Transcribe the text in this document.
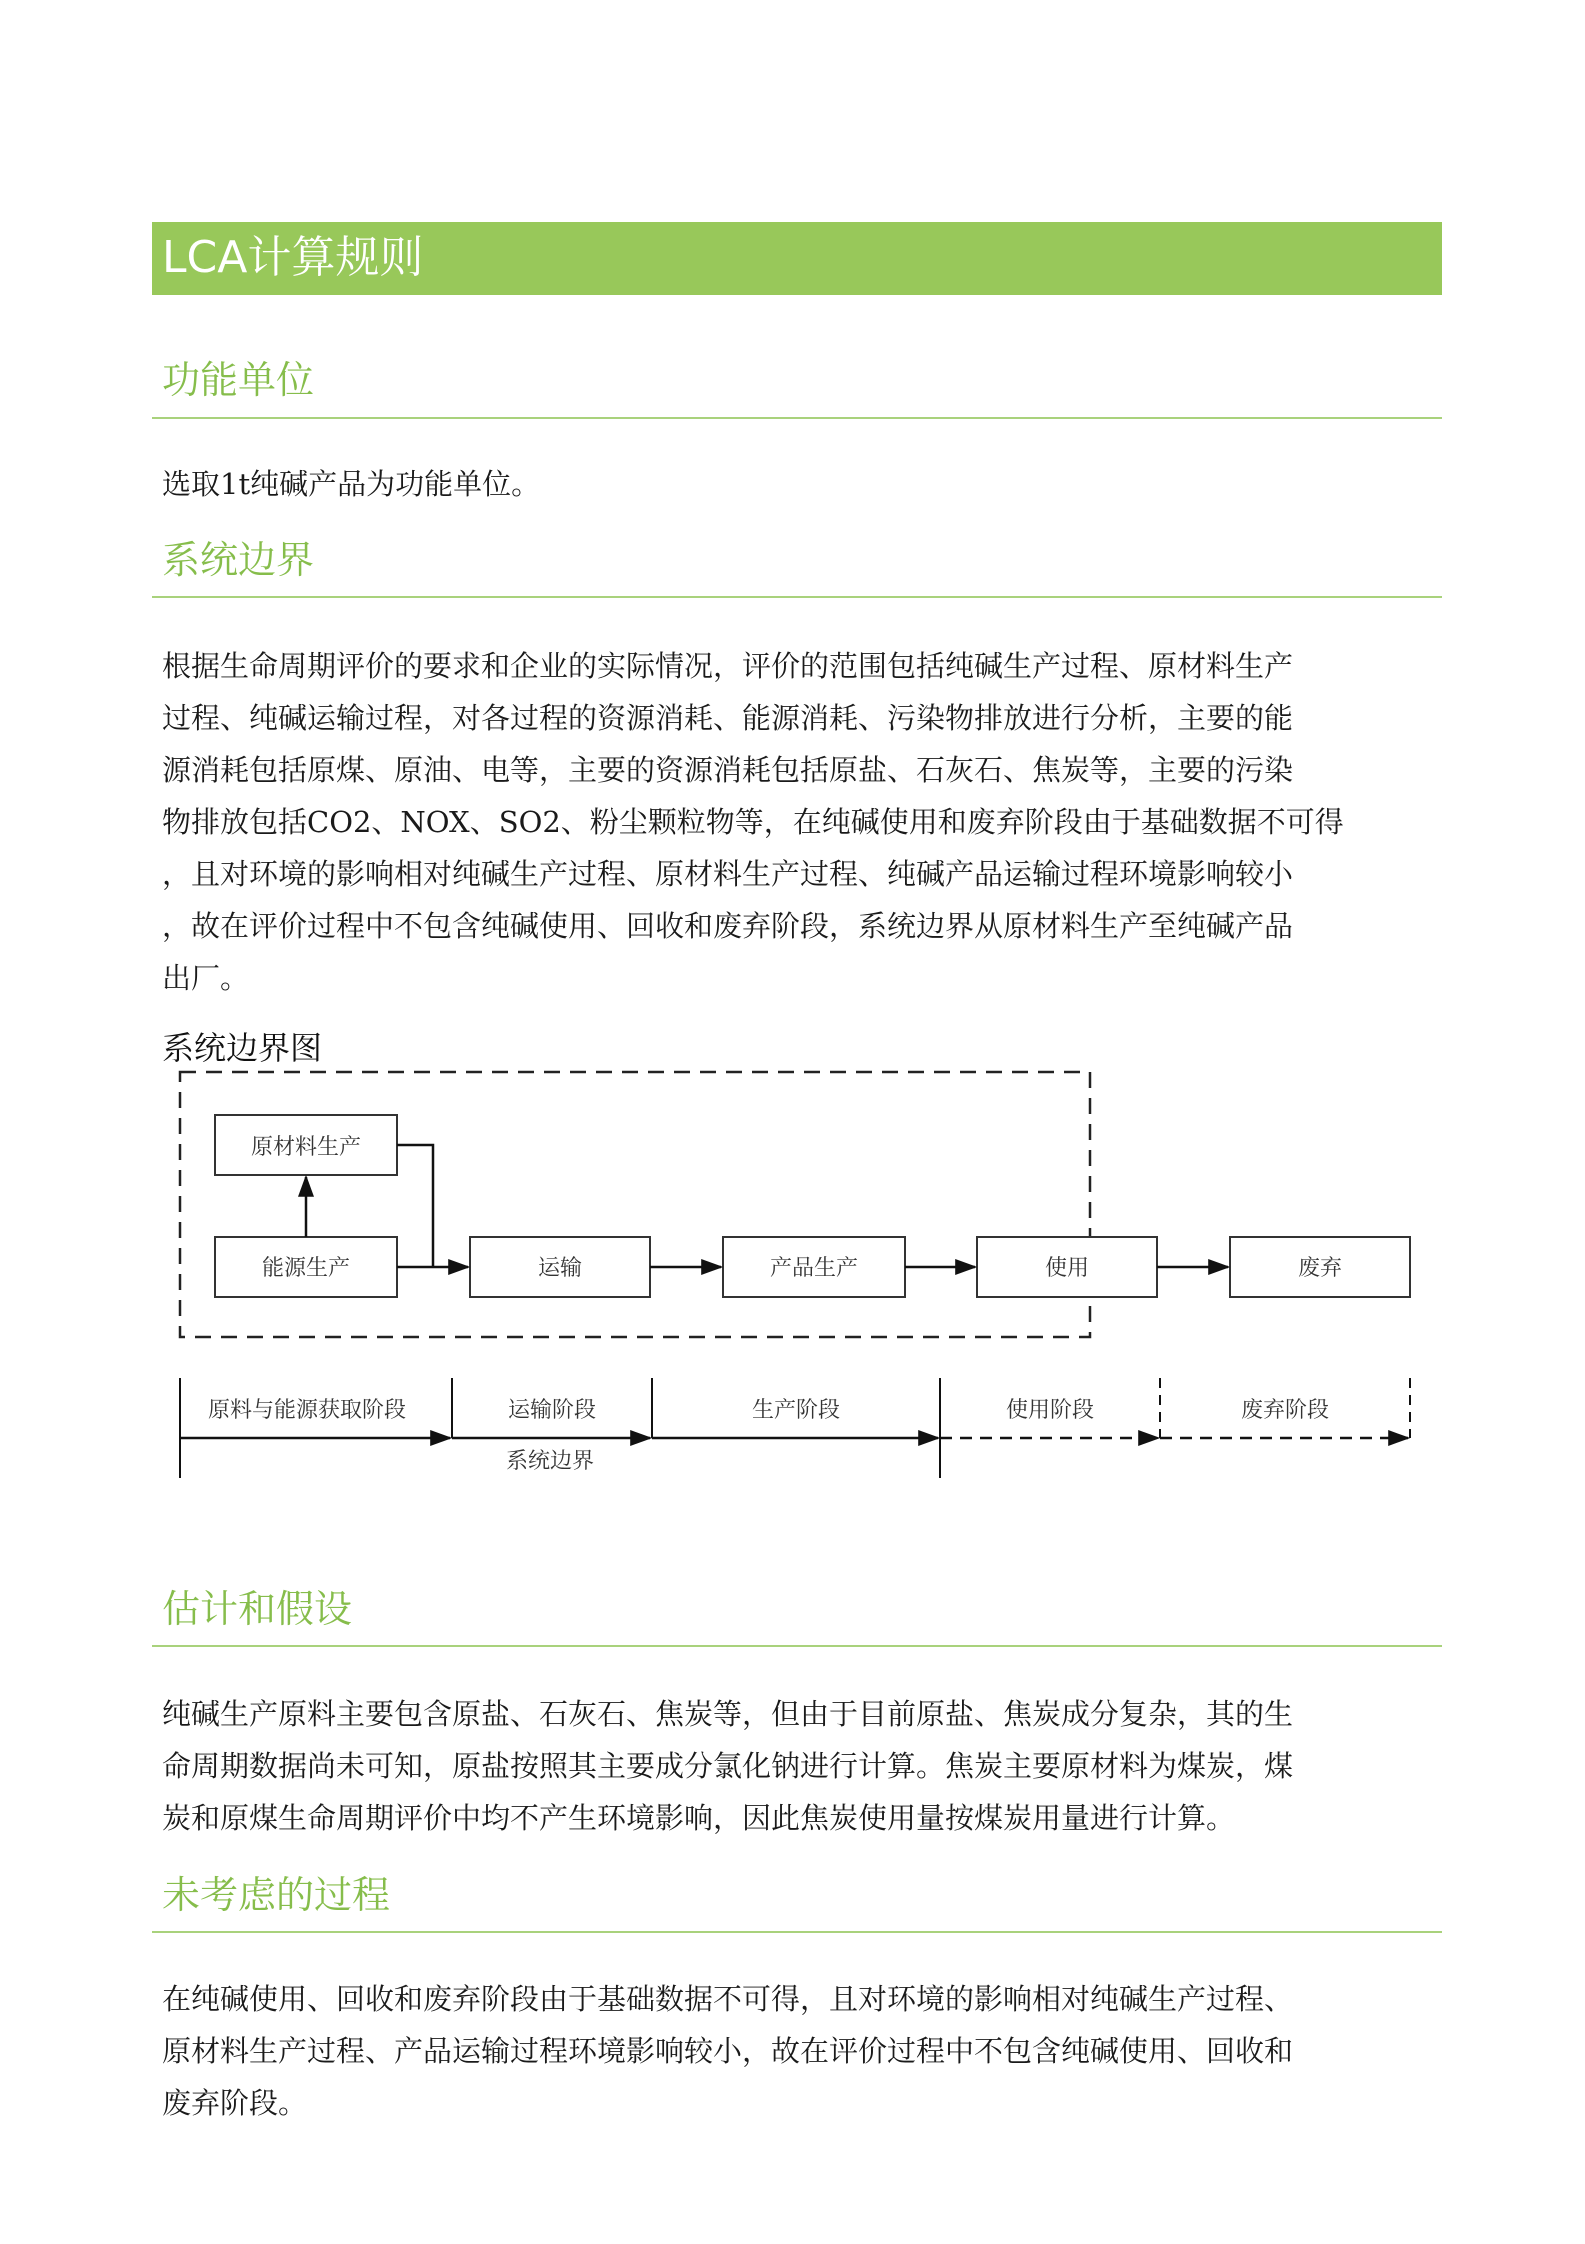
LCA计算规则
功能单位

选取1t纯碱产品为功能单位。

系统边界

根据生命周期评价的要求和企业的实际情况，评价的范围包括纯碱生产过程、原材料生产
过程、纯碱运输过程，对各过程的资源消耗、能源消耗、污染物排放进行分析，主要的能
源消耗包括原煤、原油、电等，主要的资源消耗包括原盐、石灰石、焦炭等，主要的污染
物排放包括CO2、NOX、SO2、粉尘颗粒物等，在纯碱使用和废弃阶段由于基础数据不可得
，且对环境的影响相对纯碱生产过程、原材料生产过程、纯碱产品运输过程环境影响较小
，故在评价过程中不包含纯碱使用、回收和废弃阶段，系统边界从原材料生产至纯碱产品
出厂。

系统边界图
原材料生产
能源生产	运输	产品生产	使用	废弃
原料与能源获取阶段	运输阶段	生产阶段	使用阶段	废弃阶段
系统边界
估计和假设

纯碱生产原料主要包含原盐、石灰石、焦炭等，但由于目前原盐、焦炭成分复杂，其的生
命周期数据尚未可知，原盐按照其主要成分氯化钠进行计算。焦炭主要原材料为煤炭，煤
炭和原煤生命周期评价中均不产生环境影响，因此焦炭使用量按煤炭用量进行计算。

未考虑的过程

在纯碱使用、回收和废弃阶段由于基础数据不可得，且对环境的影响相对纯碱生产过程、
原材料生产过程、产品运输过程环境影响较小，故在评价过程中不包含纯碱使用、回收和
废弃阶段。
